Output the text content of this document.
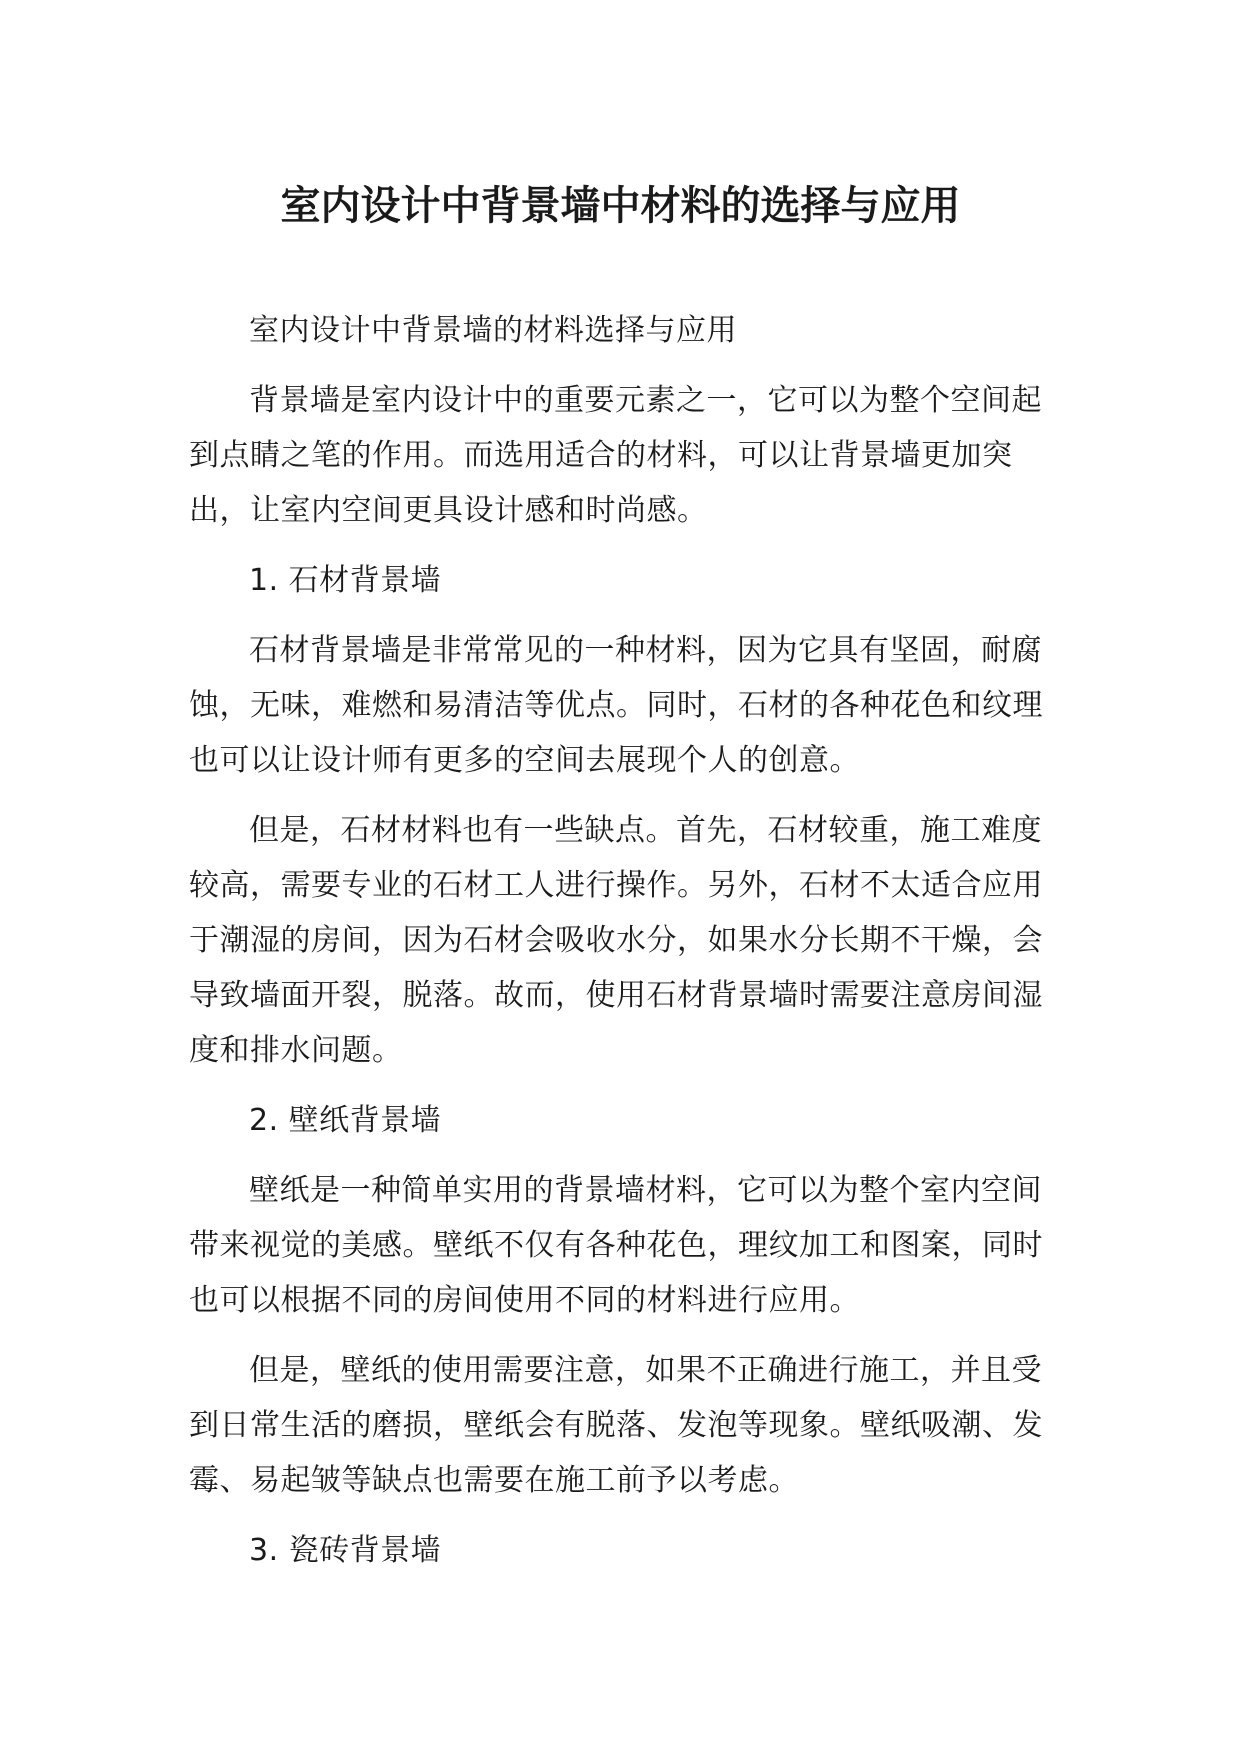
室内设计中背景墙中材料的选择与应用

室内设计中背景墙的材料选择与应用

背景墙是室内设计中的重要元素之一，它可以为整个空间起到点睛之笔的作用。而选用适合的材料，可以让背景墙更加突出，让室内空间更具设计感和时尚感。

1. 石材背景墙

石材背景墙是非常常见的一种材料，因为它具有坚固，耐腐蚀，无味，难燃和易清洁等优点。同时，石材的各种花色和纹理也可以让设计师有更多的空间去展现个人的创意。

但是，石材材料也有一些缺点。首先，石材较重，施工难度较高，需要专业的石材工人进行操作。另外，石材不太适合应用于潮湿的房间，因为石材会吸收水分，如果水分长期不干燥，会导致墙面开裂，脱落。故而，使用石材背景墙时需要注意房间湿度和排水问题。

2. 壁纸背景墙

壁纸是一种简单实用的背景墙材料，它可以为整个室内空间带来视觉的美感。壁纸不仅有各种花色，理纹加工和图案，同时也可以根据不同的房间使用不同的材料进行应用。

但是，壁纸的使用需要注意，如果不正确进行施工，并且受到日常生活的磨损，壁纸会有脱落、发泡等现象。壁纸吸潮、发霉、易起皱等缺点也需要在施工前予以考虑。

3. 瓷砖背景墙
